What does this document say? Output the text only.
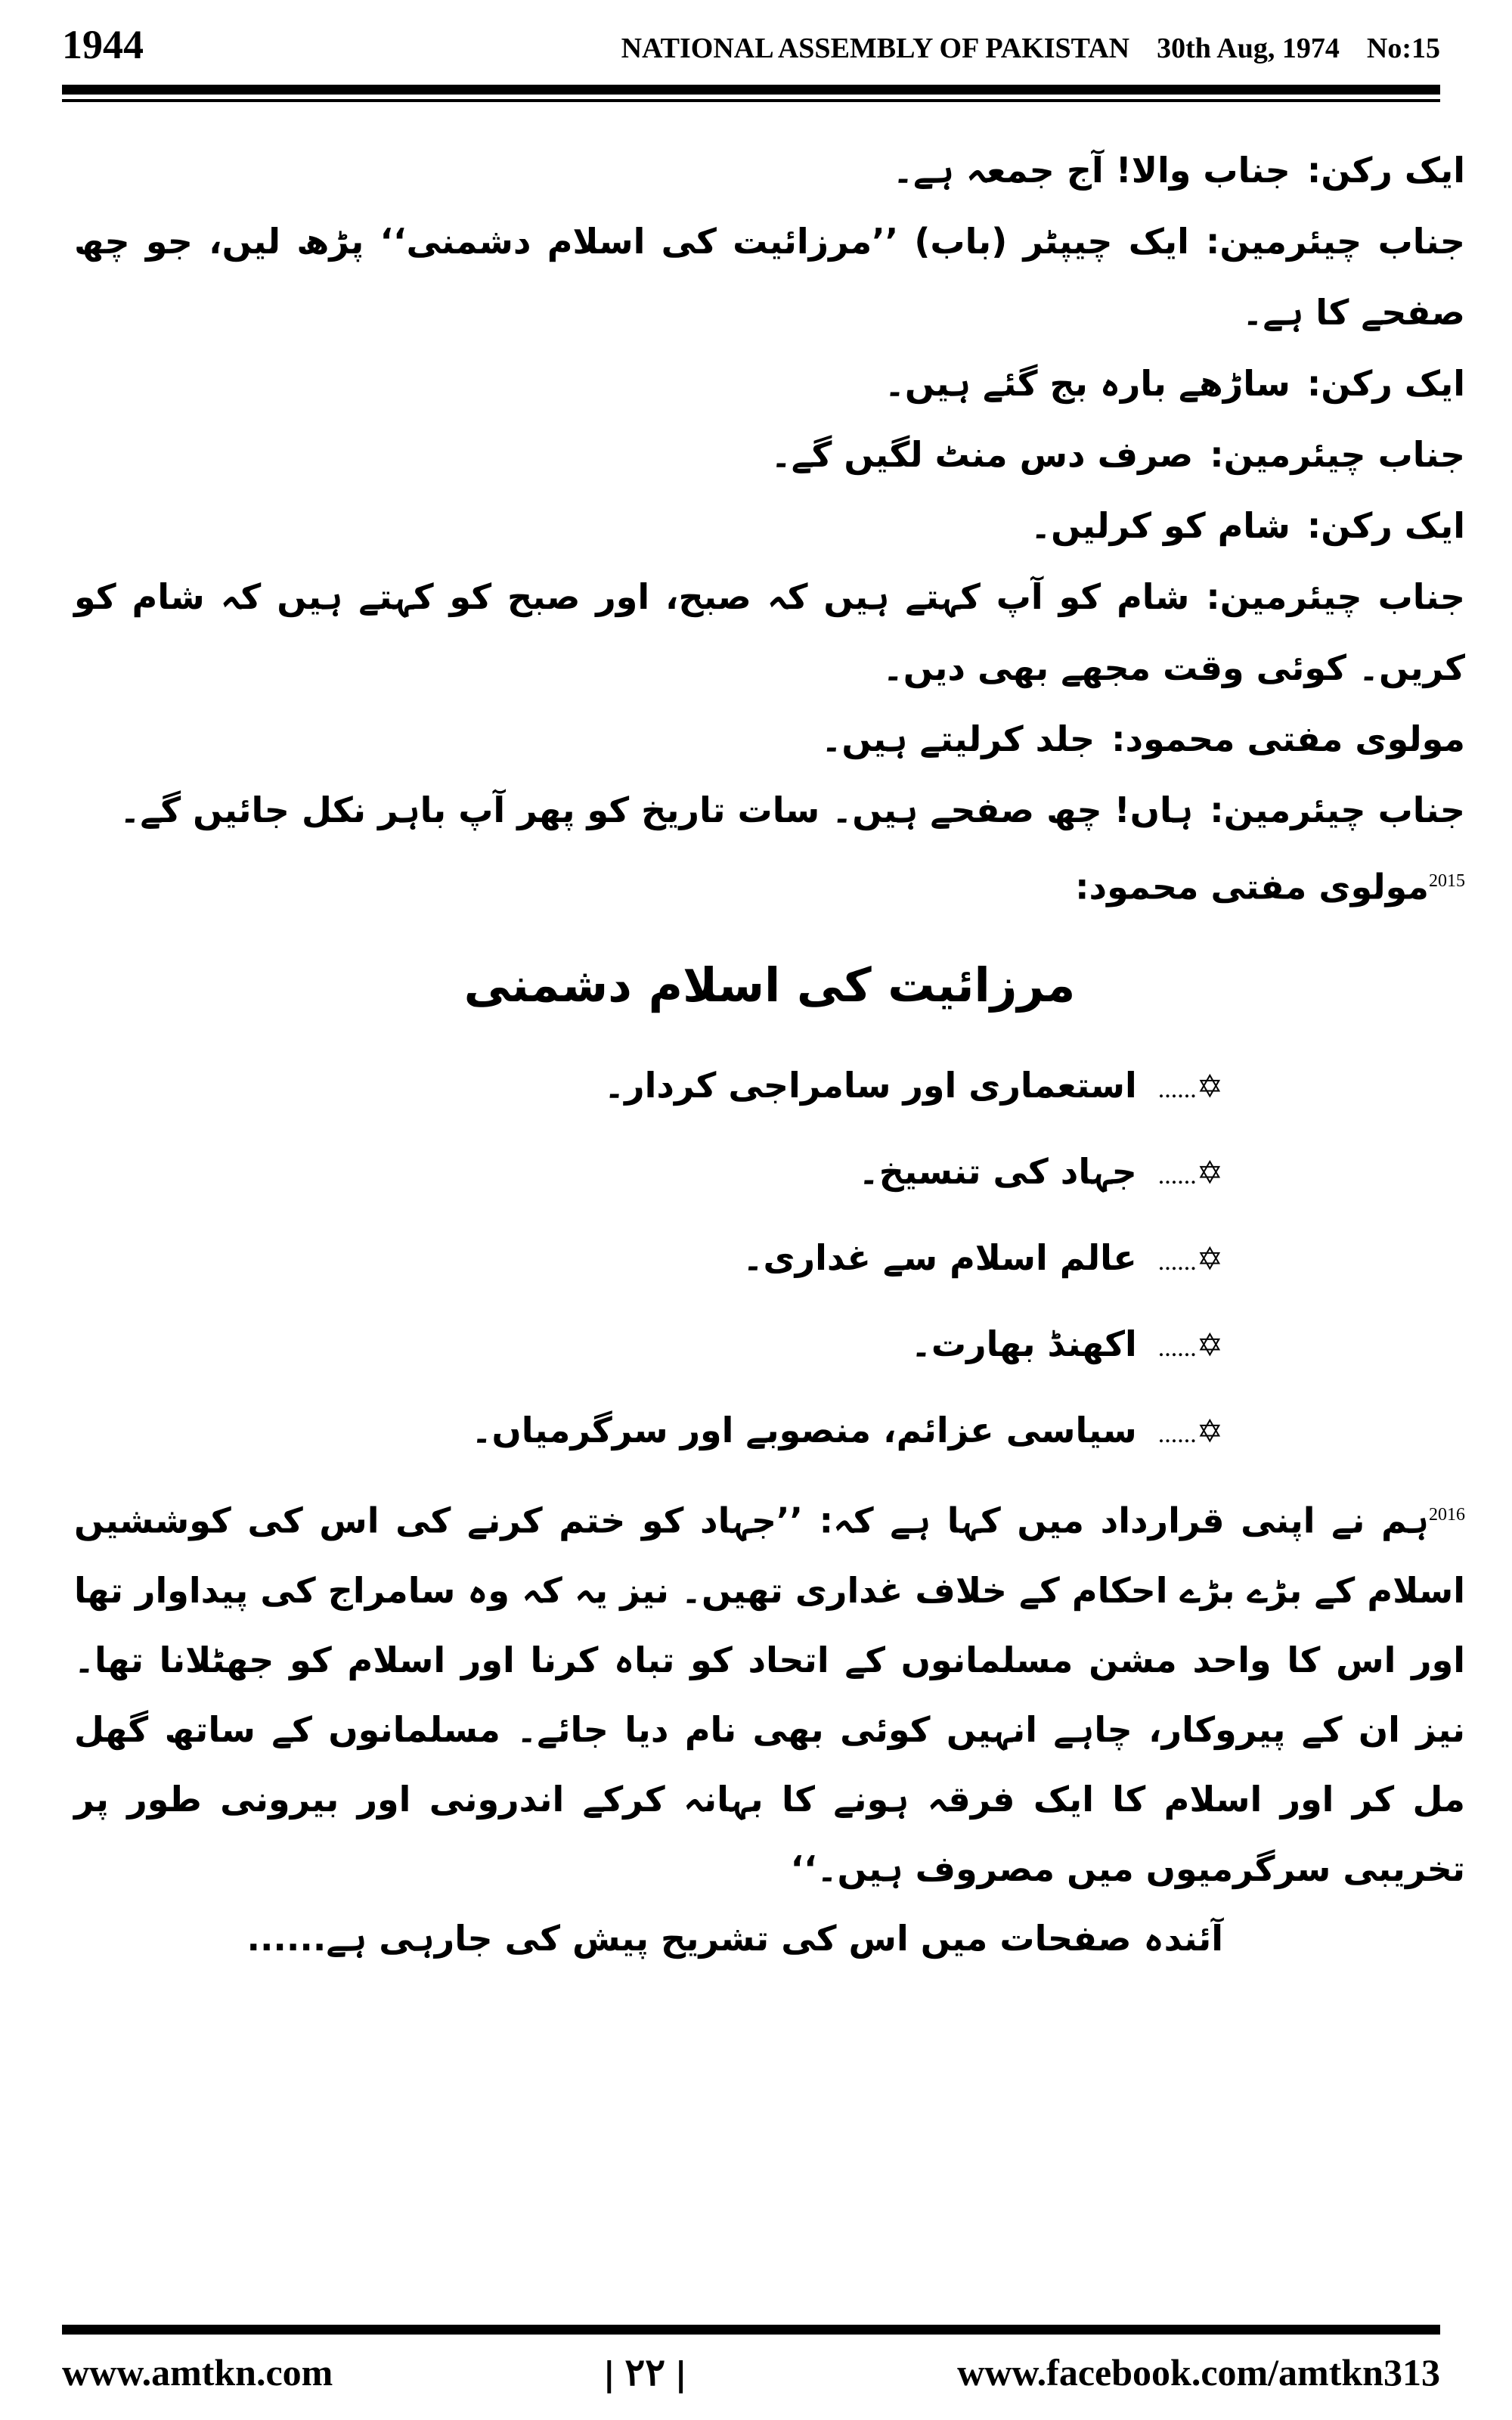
1944	NATIONAL ASSEMBLY OF PAKISTAN 30th Aug, 1974 No:15
ایک رکن:جناب والا! آج جمعہ ہے۔
جناب چیئرمین:ایک چیپٹر (باب) ’’مرزائیت کی اسلام دشمنی‘‘ پڑھ لیں، جو چھ صفحے کا ہے۔
ایک رکن:ساڑھے بارہ بج گئے ہیں۔
جناب چیئرمین:صرف دس منٹ لگیں گے۔
ایک رکن:شام کو کرلیں۔
جناب چیئرمین:شام کو آپ کہتے ہیں کہ صبح، اور صبح کو کہتے ہیں کہ شام کو کریں۔ کوئی وقت مجھے بھی دیں۔
مولوی مفتی محمود:جلد کرلیتے ہیں۔
جناب چیئرمین:ہاں! چھ صفحے ہیں۔ سات تاریخ کو پھر آپ باہر نکل جائیں گے۔
$^{2015}$مولوی مفتی محمود:
مرزائیت کی اسلام دشمنی
✡......استعماری اور سامراجی کردار۔
✡......جہاد کی تنسیخ۔
✡......عالم اسلام سے غداری۔
✡......اکھنڈ بھارت۔
✡......سیاسی عزائم، منصوبے اور سرگرمیاں۔
$^{2016}$ہم نے اپنی قرارداد میں کہا ہے کہ: ’’جہاد کو ختم کرنے کی اس کی کوششیں اسلام کے بڑے بڑے احکام کے خلاف غداری تھیں۔ نیز یہ کہ وہ سامراج کی پیداوار تھا اور اس کا واحد مشن مسلمانوں کے اتحاد کو تباہ کرنا اور اسلام کو جھٹلانا تھا۔ نیز ان کے پیروکار، چاہے انہیں کوئی بھی نام دیا جائے۔ مسلمانوں کے ساتھ گھل مل کر اور اسلام کا ایک فرقہ ہونے کا بہانہ کرکے اندرونی اور بیرونی طور پر تخریبی سرگرمیوں میں مصروف ہیں۔‘‘
آئندہ صفحات میں اس کی تشریح پیش کی جارہی ہے......
www.amtkn.com	| ۲۲ |	www.facebook.com/amtkn313
